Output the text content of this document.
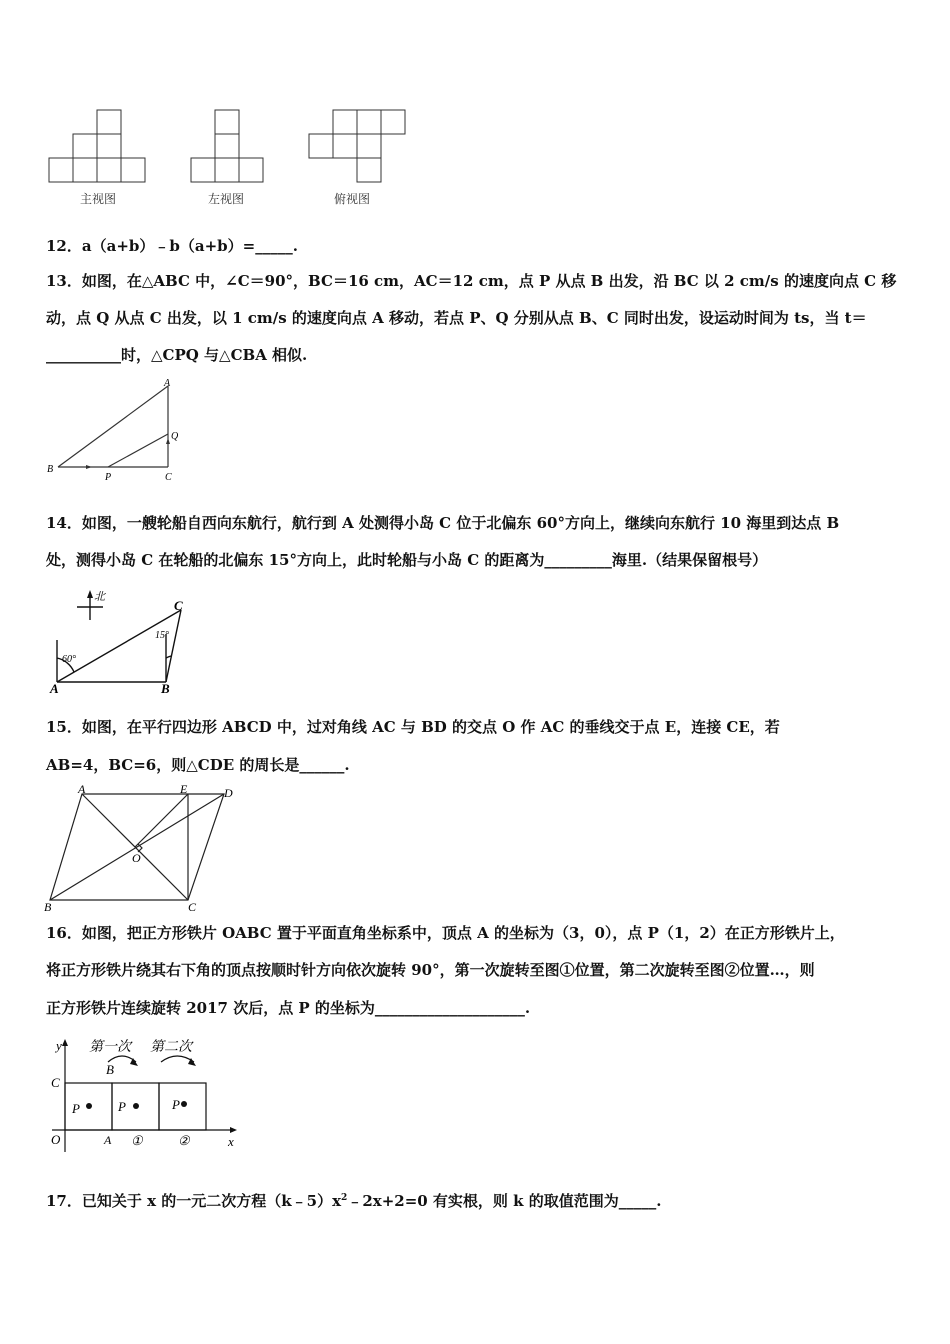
主视图	左视图	俯视图
12．a（a+b）﹣b（a+b）=_____.
13．如图，在△ABC 中，∠C＝90°，BC＝16 cm，AC＝12 cm，点 P 从点 B 出发，沿 BC 以 2 cm/s 的速度向点 C 移
动，点 Q 从点 C 出发，以 1 cm/s 的速度向点 A 移动，若点 P、Q 分别从点 B、C 同时出发，设运动时间为 ts，当 t＝
__________时，△CPQ 与△CBA 相似.
A
Q
B
P	C
14．如图，一艘轮船自西向东航行，航行到 A 处测得小岛 C 位于北偏东 60°方向上，继续向东航行 10 海里到达点 B
处，测得小岛 C 在轮船的北偏东 15°方向上，此时轮船与小岛 C 的距离为_________海里.（结果保留根号）
北
C
15°
60°
A	B
15．如图，在平行四边形 ABCD 中，过对角线 AC 与 BD 的交点 O 作 AC 的垂线交于点 E，连接 CE，若
AB=4，BC=6，则△CDE 的周长是______.
A	E	D
O
B	C
16．如图，把正方形铁片 OABC 置于平面直角坐标系中，顶点 A 的坐标为（3，0），点 P（1，2）在正方形铁片上，
将正方形铁片绕其右下角的顶点按顺时针方向依次旋转 90°，第一次旋转至图①位置，第二次旋转至图②位置…，则
正方形铁片连续旋转 2017 次后，点 P 的坐标为____________________.
y 第一次 第二次
C
B
P	P	P
O	A ①	②	x
17．已知关于 x 的一元二次方程$(k﹣5)x^2﹣2x+2=0$ 有实根，则 k 的取值范围为_____.
